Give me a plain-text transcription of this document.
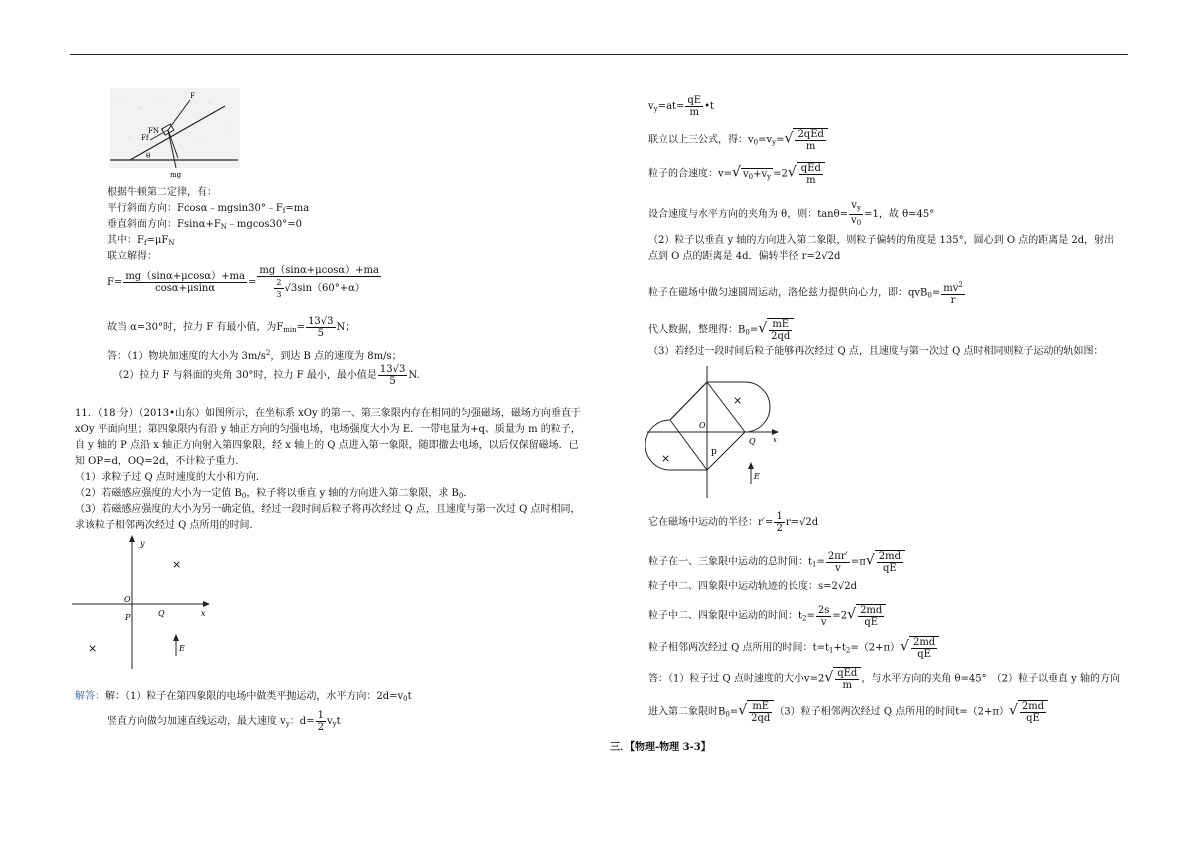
F
Ff
FN
θ
mg
根据牛顿第二定律，有：
平行斜面方向：$Fcos\alpha﹣mgsin30^\circ﹣F_f=ma$
垂直斜面方向：$Fsin\alpha+F_N﹣mgcos30^\circ=0$
其中：$F_f=\mu F_N$
联立解得：
$F= \frac{mg(\sin\alpha+\mu\cos\alpha)+ma}{\cos\alpha+\mu\sin\alpha} = \frac{mg(\sin\alpha+\mu\cos\alpha)+ma}{\frac{2}{3} √3\sin(60^\circ+\alpha)}$
故当 α=30°时，拉力 F 有最小值，为$F_{min}= \frac{13√3}{5}$ N；
答：（1）物块加速度的大小为 $3m/s^2$，到达 B 点的速度为 8m/s；
（2）拉力 F 与斜面的夹角 30°时，拉力 F 最小，最小值是 $\frac{13√3}{5} N$.
11．（18 分）（2013•山东）如图所示，在坐标系 xOy 的第一、第三象限内存在相同的匀强磁场，磁场方向垂直于
xOy 平面向里；第四象限内有沿 y 轴正方向的匀强电场，电场强度大小为 E．一带电量为+q、质量为 m 的粒子，
自 y 轴的 P 点沿 x 轴正方向射入第四象限，经 x 轴上的 Q 点进入第一象限，随即撤去电场，以后仅保留磁场．已
知 OP=d，OQ=2d，不计粒子重力．
（1）求粒子过 Q 点时速度的大小和方向．
（2）若磁感应强度的大小为一定值 $B_0$，粒子将以垂直 y 轴的方向进入第二象限，求 $B_0$．
（3）若磁感应强度的大小为另一确定值，经过一段时间后粒子将再次经过 Q 点，且速度与第一次过 Q 点时相同，
求该粒子相邻两次经过 Q 点所用的时间．
y
x
O
Q
P
×
×	E
解答：解：（1）粒子在第四象限的电场中做类平抛运动，水平方向：$2d=v_0t$
竖直方向做匀加速直线运动，最大速度 $v_y$：$d= \frac{1}{2} v_yt$
$v_y=at= \frac{qE}{m}$ •t
联立以上三公式，得：$v_0=v_y=√ \frac{\text{2qEd}}{m}$
粒子的合速度：v=√ $v_0+v_y =2√ \frac{\text{qEd}}{m}$
设合速度与水平方向的夹角为 θ，则：$\tan\theta= \frac{v_y}{v_0} =1$，故 θ=45°
（2）粒子以垂直 y 轴的方向进入第二象限，则粒子偏转的角度是 135°，圆心到 O 点的距离是 2d，射出
点到 O 点的距离是 4d．偏转半径 r=2√2d
粒子在磁场中做匀速圆周运动，洛伦兹力提供向心力，即：$qvB_0= \frac{mv^2}{r}$
代人数据，整理得：$B_0=√ \frac{mE}{2qd}$
（3）若经过一段时间后粒子能够再次经过 Q 点，且速度与第一次过 Q 点时相同则粒子运动的轨如图：
×
×
O
Q
p
x
E
它在磁场中运动的半径：$r'= \frac{1}{2} r=√2d$
粒子在一、三象限中运动的总时间：$t_1= \frac{2\pi r'}{v} =\pi√ \frac{2md}{qE}$
粒子中二、四象限中运动轨迹的长度：s=2√2d
粒子中二、四象限中运动的时间：$t_2= \frac{2s}{v} =2√ \frac{2md}{qE}$
粒子相邻两次经过 Q 点所用的时间：$t=t_1+t_2=(2+\pi)√ \frac{2md}{qE}$
答：（1）粒子过 Q 点时速度的大小$v=2√ \frac{\text{qEd}}{m}$ ，与水平方向的夹角 θ=45°　（2）粒子以垂直 y 轴的方向
进入第二象限时$B_0=√ \frac{mE}{2qd} (3)$粒子相邻两次经过 Q 点所用的时间$t=(2+\pi)√ \frac{2md}{qE}$
三．【物理-物理 3-3】
